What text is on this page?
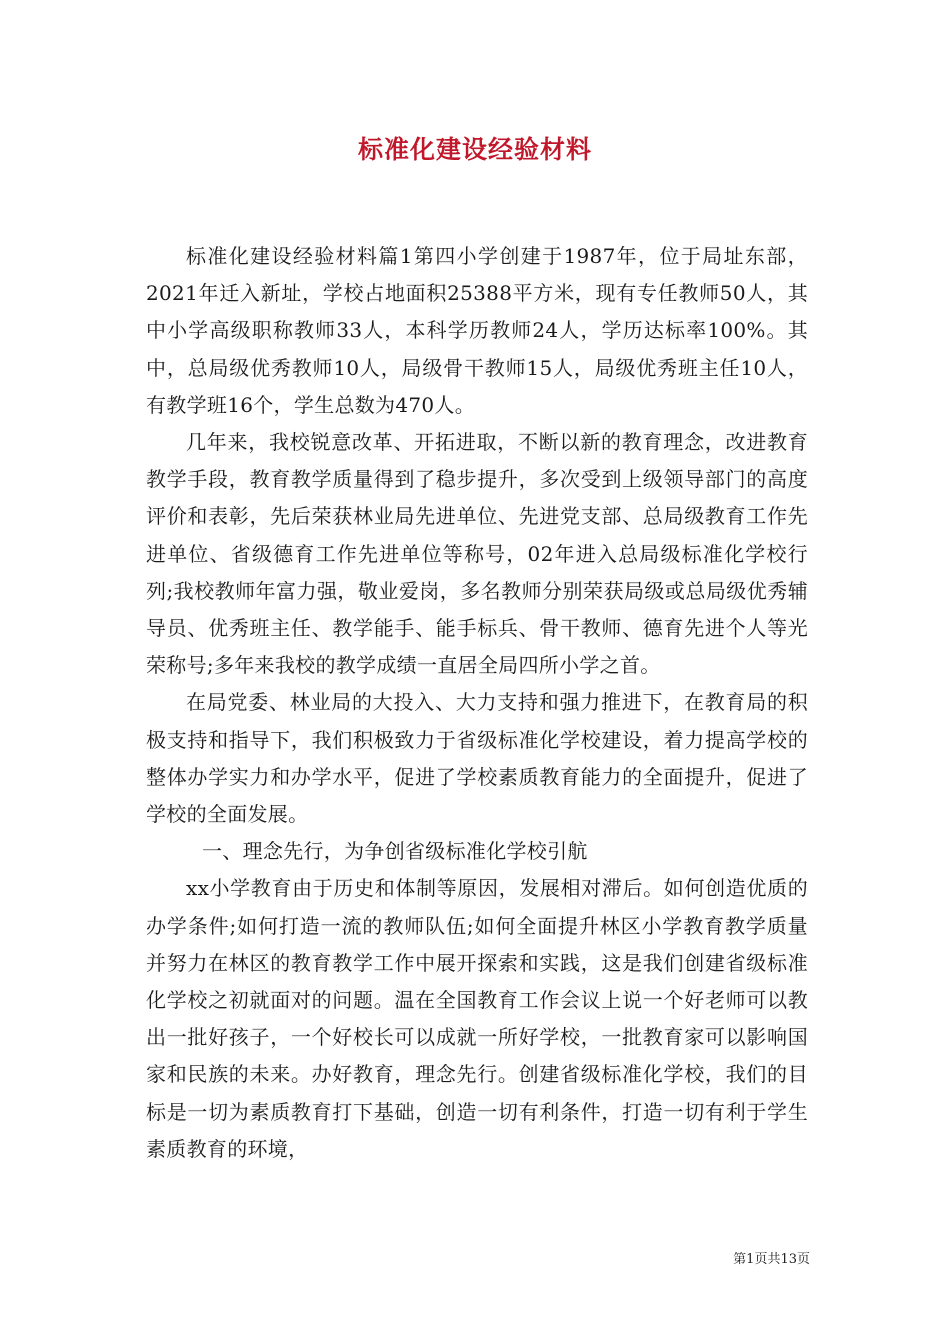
标准化建设经验材料

标准化建设经验材料篇1第四小学创建于1987年，位于局址东部，2021年迁入新址，学校占地面积25388平方米，现有专任教师50人，其中小学高级职称教师33人，本科学历教师24人，学历达标率100%。其中，总局级优秀教师10人，局级骨干教师15人，局级优秀班主任10人，有教学班16个，学生总数为470人。

几年来，我校锐意改革、开拓进取，不断以新的教育理念，改进教育教学手段，教育教学质量得到了稳步提升，多次受到上级领导部门的高度评价和表彰，先后荣获林业局先进单位、先进党支部、总局级教育工作先进单位、省级德育工作先进单位等称号，02年进入总局级标准化学校行列;我校教师年富力强，敬业爱岗，多名教师分别荣获局级或总局级优秀辅导员、优秀班主任、教学能手、能手标兵、骨干教师、德育先进个人等光荣称号;多年来我校的教学成绩一直居全局四所小学之首。

在局党委、林业局的大投入、大力支持和强力推进下，在教育局的积极支持和指导下，我们积极致力于省级标准化学校建设，着力提高学校的整体办学实力和办学水平，促进了学校素质教育能力的全面提升，促进了学校的全面发展。

一、理念先行，为争创省级标准化学校引航

xx小学教育由于历史和体制等原因，发展相对滞后。如何创造优质的办学条件;如何打造一流的教师队伍;如何全面提升林区小学教育教学质量并努力在林区的教育教学工作中展开探索和实践，这是我们创建省级标准化学校之初就面对的问题。温在全国教育工作会议上说一个好老师可以教出一批好孩子，一个好校长可以成就一所好学校，一批教育家可以影响国家和民族的未来。办好教育，理念先行。创建省级标准化学校，我们的目标是一切为素质教育打下基础，创造一切有利条件，打造一切有利于学生素质教育的环境，

第1页共13页
